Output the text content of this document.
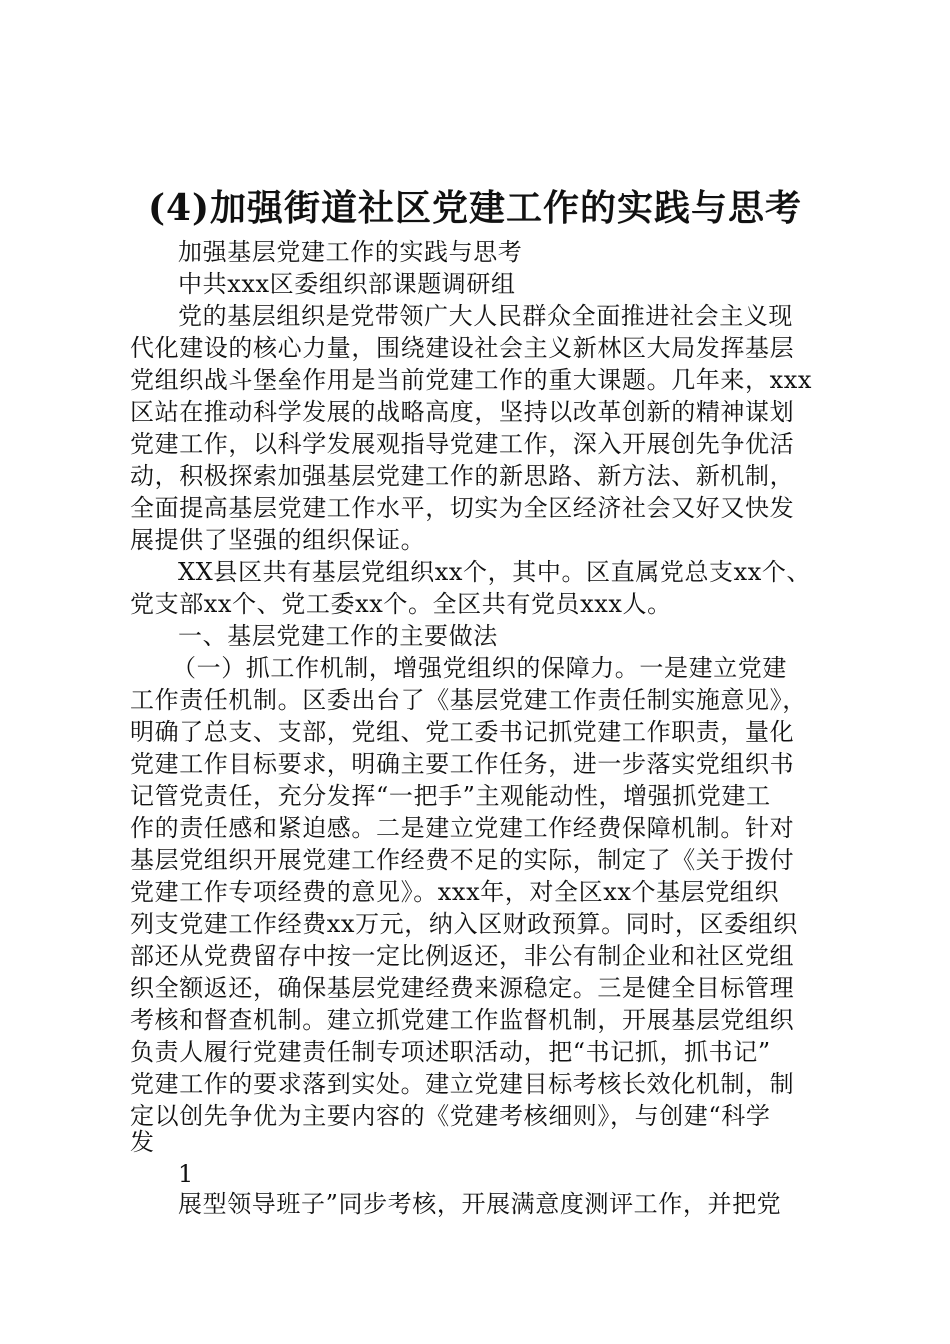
(4)加强街道社区党建工作的实践与思考
加强基层党建工作的实践与思考
中共xxx区委组织部课题调研组
党的基层组织是党带领广大人民群众全面推进社会主义现
代化建设的核心力量，围绕建设社会主义新林区大局发挥基层
党组织战斗堡垒作用是当前党建工作的重大课题。几年来，xxx
区站在推动科学发展的战略高度，坚持以改革创新的精神谋划
党建工作，以科学发展观指导党建工作，深入开展创先争优活
动，积极探索加强基层党建工作的新思路、新方法、新机制，
全面提高基层党建工作水平，切实为全区经济社会又好又快发
展提供了坚强的组织保证。
XX县区共有基层党组织xx个，其中。区直属党总支xx个、
党支部xx个、党工委xx个。全区共有党员xxx人。
一、基层党建工作的主要做法
（一）抓工作机制，增强党组织的保障力。一是建立党建
工作责任机制。区委出台了《基层党建工作责任制实施意见》，
明确了总支、支部，党组、党工委书记抓党建工作职责，量化
党建工作目标要求，明确主要工作任务，进一步落实党组织书
记管党责任，充分发挥“一把手”主观能动性，增强抓党建工
作的责任感和紧迫感。二是建立党建工作经费保障机制。针对
基层党组织开展党建工作经费不足的实际，制定了《关于拨付
党建工作专项经费的意见》。xxx年，对全区xx个基层党组织
列支党建工作经费xx万元，纳入区财政预算。同时，区委组织
部还从党费留存中按一定比例返还，非公有制企业和社区党组
织全额返还，确保基层党建经费来源稳定。三是健全目标管理
考核和督查机制。建立抓党建工作监督机制，开展基层党组织
负责人履行党建责任制专项述职活动，把“书记抓，抓书记”
党建工作的要求落到实处。建立党建目标考核长效化机制，制
定以创先争优为主要内容的《党建考核细则》，与创建“科学
发
1
展型领导班子”同步考核，开展满意度测评工作，并把党
